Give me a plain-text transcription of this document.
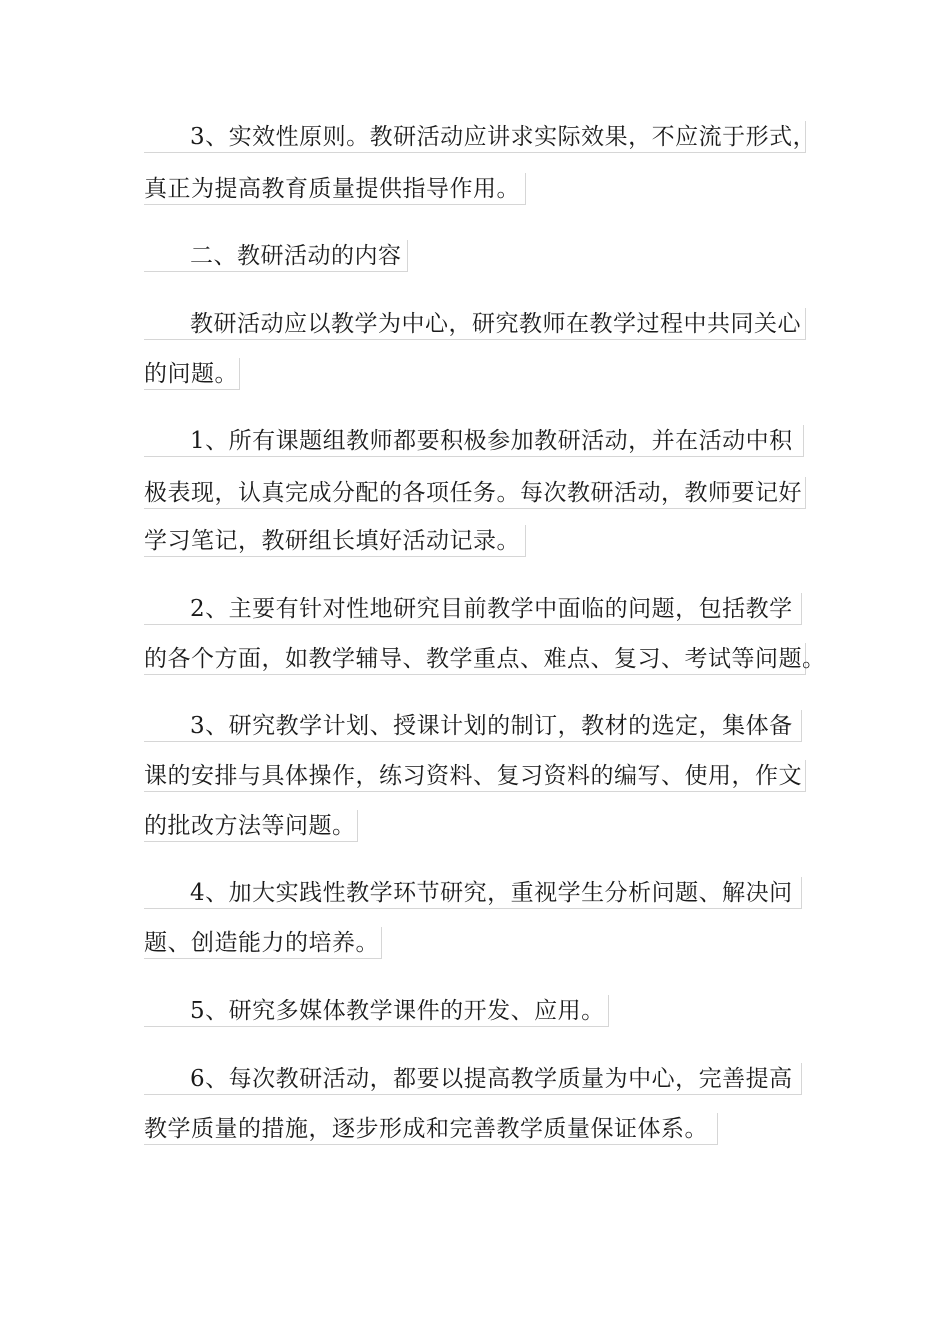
3、实效性原则。教研活动应讲求实际效果，不应流于形式，
真正为提高教育质量提供指导作用。
二、教研活动的内容
教研活动应以教学为中心，研究教师在教学过程中共同关心
的问题。
1、所有课题组教师都要积极参加教研活动，并在活动中积
极表现，认真完成分配的各项任务。每次教研活动，教师要记好
学习笔记，教研组长填好活动记录。
2、主要有针对性地研究目前教学中面临的问题，包括教学
的各个方面，如教学辅导、教学重点、难点、复习、考试等问题。
3、研究教学计划、授课计划的制订，教材的选定，集体备
课的安排与具体操作，练习资料、复习资料的编写、使用，作文
的批改方法等问题。
4、加大实践性教学环节研究，重视学生分析问题、解决问
题、创造能力的培养。
5、研究多媒体教学课件的开发、应用。
6、每次教研活动，都要以提高教学质量为中心，完善提高
教学质量的措施，逐步形成和完善教学质量保证体系。
